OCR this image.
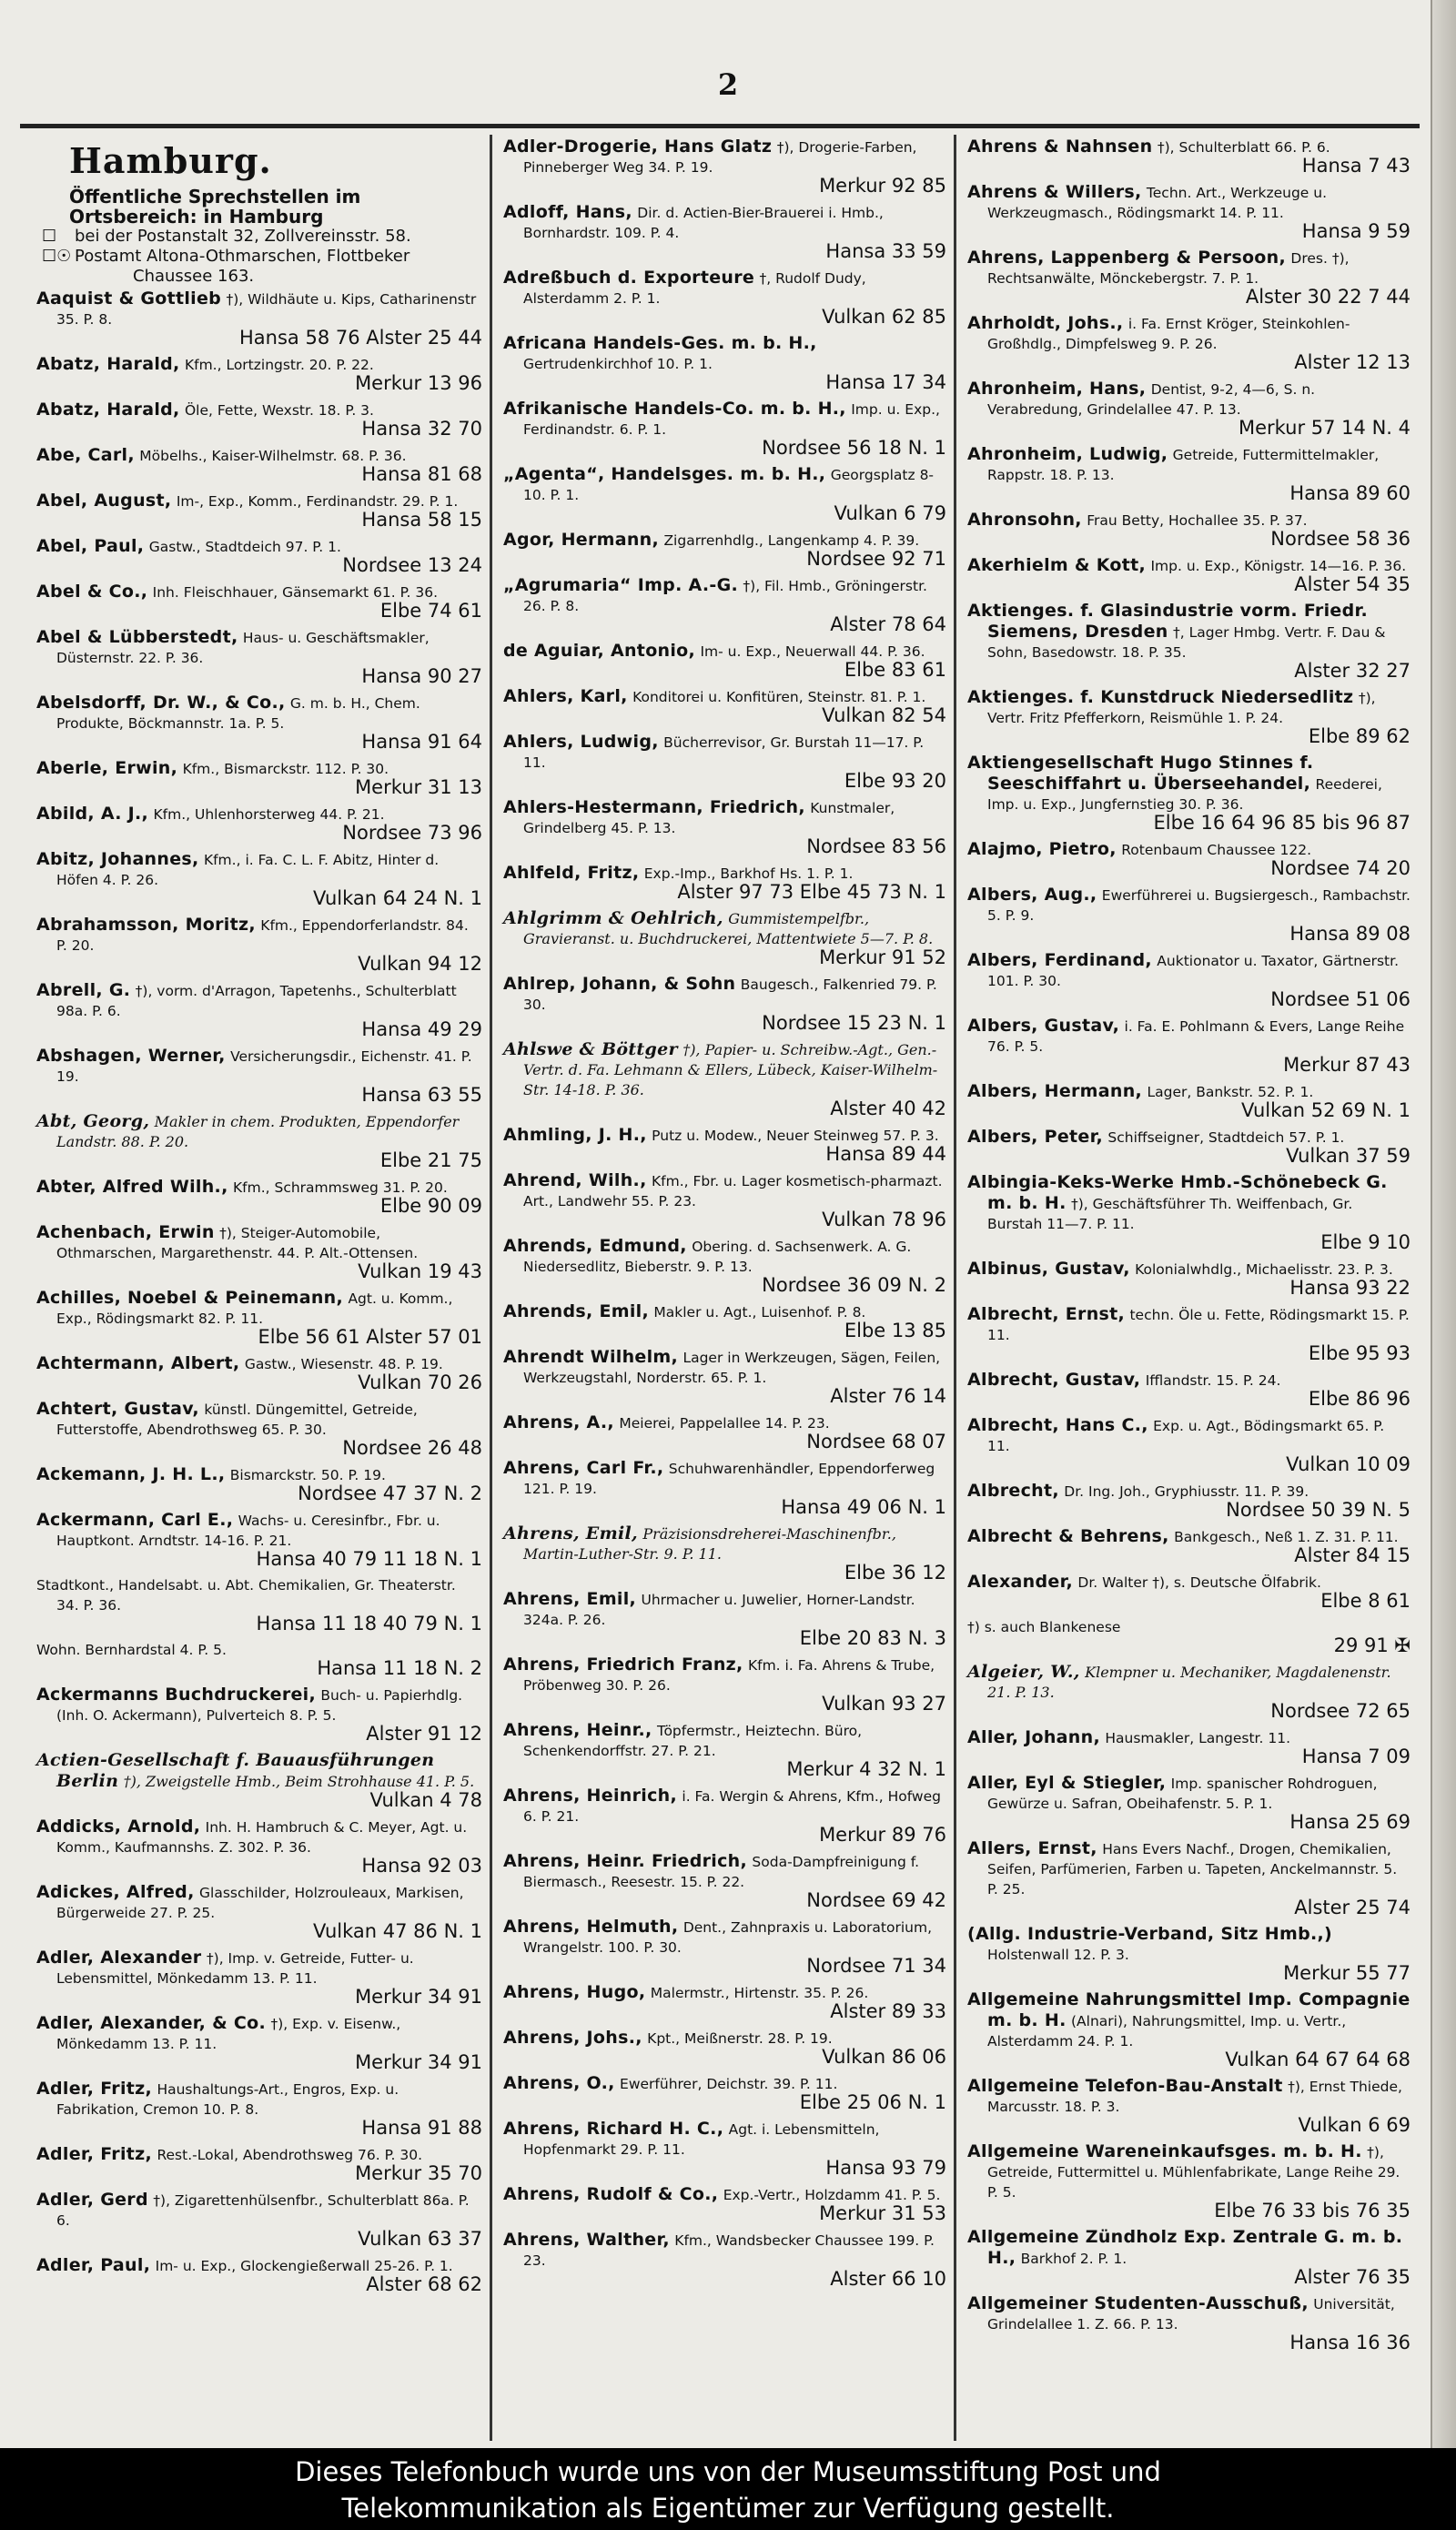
2
Hamburg.
Öffentliche Sprechstellen im Ortsbereich: in Hamburg
☐	bei der Postanstalt 32, Zollvereinsstr. 58.
☐☉ Postamt Altona-Othmarschen, Flottbeker
Chaussee 163.
Aaquist & Gottlieb †), Wildhäute u. Kips, Catharinenstr 35. P. 8.
Hansa 58 76 Alster 25 44
Abatz, Harald, Kfm., Lortzingstr. 20. P. 22.
Merkur 13 96
Abatz, Harald, Öle, Fette, Wexstr. 18. P. 3.
Hansa 32 70
Abe, Carl, Möbelhs., Kaiser-Wilhelmstr. 68. P. 36.
Hansa 81 68
Abel, August, Im-, Exp., Komm., Ferdinandstr. 29. P. 1.
Hansa 58 15
Abel, Paul, Gastw., Stadtdeich 97. P. 1.
Nordsee 13 24
Abel & Co., Inh. Fleischhauer, Gänsemarkt 61. P. 36.
Elbe 74 61
Abel & Lübberstedt, Haus- u. Geschäftsmakler, Düsternstr. 22. P. 36.
Hansa 90 27
Abelsdorff, Dr. W., & Co., G. m. b. H., Chem. Produkte, Böckmannstr. 1a. P. 5.
Hansa 91 64
Aberle, Erwin, Kfm., Bismarckstr. 112. P. 30.
Merkur 31 13
Abild, A. J., Kfm., Uhlenhorsterweg 44. P. 21.
Nordsee 73 96
Abitz, Johannes, Kfm., i. Fa. C. L. F. Abitz, Hinter d. Höfen 4. P. 26.
Vulkan 64 24 N. 1
Abrahamsson, Moritz, Kfm., Eppendorferlandstr. 84. P. 20.
Vulkan 94 12
Abrell, G. †), vorm. d'Arragon, Tapetenhs., Schulterblatt 98a. P. 6.
Hansa 49 29
Abshagen, Werner, Versicherungsdir., Eichenstr. 41. P. 19.
Hansa 63 55
Abt, Georg, Makler in chem. Produkten, Eppendorfer Landstr. 88. P. 20.
Elbe 21 75
Abter, Alfred Wilh., Kfm., Schrammsweg 31. P. 20.
Elbe 90 09
Achenbach, Erwin †), Steiger-Automobile, Othmarschen, Margarethenstr. 44. P. Alt.-Ottensen.
Vulkan 19 43
Achilles, Noebel & Peinemann, Agt. u. Komm., Exp., Rödingsmarkt 82. P. 11.
Elbe 56 61 Alster 57 01
Achtermann, Albert, Gastw., Wiesenstr. 48. P. 19.
Vulkan 70 26
Achtert, Gustav, künstl. Düngemittel, Getreide, Futterstoffe, Abendrothsweg 65. P. 30.
Nordsee 26 48
Ackemann, J. H. L., Bismarckstr. 50. P. 19.
Nordsee 47 37 N. 2
Ackermann, Carl E., Wachs- u. Ceresinfbr., Fbr. u. Hauptkont. Arndtstr. 14-16. P. 21.
Hansa 40 79 11 18 N. 1
Stadtkont., Handelsabt. u. Abt. Chemikalien, Gr. Theaterstr. 34. P. 36.
Hansa 11 18 40 79 N. 1
Wohn. Bernhardstal 4. P. 5.
Hansa 11 18 N. 2
Ackermanns Buchdruckerei, Buch- u. Papierhdlg. (Inh. O. Ackermann), Pulverteich 8. P. 5.
Alster 91 12
Actien-Gesellschaft f. Bauausführungen Berlin †), Zweigstelle Hmb., Beim Strohhause 41. P. 5.
Vulkan 4 78
Addicks, Arnold, Inh. H. Hambruch & C. Meyer, Agt. u. Komm., Kaufmannshs. Z. 302. P. 36.
Hansa 92 03
Adickes, Alfred, Glasschilder, Holzrouleaux, Markisen, Bürgerweide 27. P. 25.
Vulkan 47 86 N. 1
Adler, Alexander †), Imp. v. Getreide, Futter- u. Lebensmittel, Mönkedamm 13. P. 11.
Merkur 34 91
Adler, Alexander, & Co. †), Exp. v. Eisenw., Mönkedamm 13. P. 11.
Merkur 34 91
Adler, Fritz, Haushaltungs-Art., Engros, Exp. u. Fabrikation, Cremon 10. P. 8.
Hansa 91 88
Adler, Fritz, Rest.-Lokal, Abendrothsweg 76. P. 30.
Merkur 35 70
Adler, Gerd †), Zigarettenhülsenfbr., Schulterblatt 86a. P. 6.
Vulkan 63 37
Adler, Paul, Im- u. Exp., Glockengießerwall 25-26. P. 1.
Alster 68 62
Adler-Drogerie, Hans Glatz †), Drogerie-Farben, Pinneberger Weg 34. P. 19.
Merkur 92 85
Adloff, Hans, Dir. d. Actien-Bier-Brauerei i. Hmb., Bornhardstr. 109. P. 4.
Hansa 33 59
Adreßbuch d. Exporteure †, Rudolf Dudy, Alsterdamm 2. P. 1.
Vulkan 62 85
Africana Handels-Ges. m. b. H., Gertrudenkirchhof 10. P. 1.
Hansa 17 34
Afrikanische Handels-Co. m. b. H., Imp. u. Exp., Ferdinandstr. 6. P. 1.
Nordsee 56 18 N. 1
„Agenta“, Handelsges. m. b. H., Georgsplatz 8-10. P. 1.
Vulkan 6 79
Agor, Hermann, Zigarrenhdlg., Langenkamp 4. P. 39.
Nordsee 92 71
„Agrumaria“ Imp. A.-G. †), Fil. Hmb., Gröningerstr. 26. P. 8.
Alster 78 64
de Aguiar, Antonio, Im- u. Exp., Neuerwall 44. P. 36.
Elbe 83 61
Ahlers, Karl, Konditorei u. Konfitüren, Steinstr. 81. P. 1.
Vulkan 82 54
Ahlers, Ludwig, Bücherrevisor, Gr. Burstah 11—17. P. 11.
Elbe 93 20
Ahlers-Hestermann, Friedrich, Kunstmaler, Grindelberg 45. P. 13.
Nordsee 83 56
Ahlfeld, Fritz, Exp.-Imp., Barkhof Hs. 1. P. 1.
Alster 97 73 Elbe 45 73 N. 1
Ahlgrimm & Oehlrich, Gummistempelfbr., Gravieranst. u. Buchdruckerei, Mattentwiete 5—7. P. 8.
Merkur 91 52
Ahlrep, Johann, & Sohn Baugesch., Falkenried 79. P. 30.
Nordsee 15 23 N. 1
Ahlswe & Böttger †), Papier- u. Schreibw.-Agt., Gen.-Vertr. d. Fa. Lehmann & Ellers, Lübeck, Kaiser-Wilhelm-Str. 14-18. P. 36.
Alster 40 42
Ahmling, J. H., Putz u. Modew., Neuer Steinweg 57. P. 3.
Hansa 89 44
Ahrend, Wilh., Kfm., Fbr. u. Lager kosmetisch-pharmazt. Art., Landwehr 55. P. 23.
Vulkan 78 96
Ahrends, Edmund, Obering. d. Sachsenwerk. A. G. Niedersedlitz, Bieberstr. 9. P. 13.
Nordsee 36 09 N. 2
Ahrends, Emil, Makler u. Agt., Luisenhof. P. 8.
Elbe 13 85
Ahrendt Wilhelm, Lager in Werkzeugen, Sägen, Feilen, Werkzeugstahl, Norderstr. 65. P. 1.
Alster 76 14
Ahrens, A., Meierei, Pappelallee 14. P. 23.
Nordsee 68 07
Ahrens, Carl Fr., Schuhwarenhändler, Eppendorferweg 121. P. 19.
Hansa 49 06 N. 1
Ahrens, Emil, Präzisionsdreherei-Maschinenfbr., Martin-Luther-Str. 9. P. 11.
Elbe 36 12
Ahrens, Emil, Uhrmacher u. Juwelier, Horner-Landstr. 324a. P. 26.
Elbe 20 83 N. 3
Ahrens, Friedrich Franz, Kfm. i. Fa. Ahrens & Trube, Pröbenweg 30. P. 26.
Vulkan 93 27
Ahrens, Heinr., Töpfermstr., Heiztechn. Büro, Schenkendorffstr. 27. P. 21.
Merkur 4 32 N. 1
Ahrens, Heinrich, i. Fa. Wergin & Ahrens, Kfm., Hofweg 6. P. 21.
Merkur 89 76
Ahrens, Heinr. Friedrich, Soda-Dampfreinigung f. Biermasch., Reesestr. 15. P. 22.
Nordsee 69 42
Ahrens, Helmuth, Dent., Zahnpraxis u. Laboratorium, Wrangelstr. 100. P. 30.
Nordsee 71 34
Ahrens, Hugo, Malermstr., Hirtenstr. 35. P. 26.
Alster 89 33
Ahrens, Johs., Kpt., Meißnerstr. 28. P. 19.
Vulkan 86 06
Ahrens, O., Ewerführer, Deichstr. 39. P. 11.
Elbe 25 06 N. 1
Ahrens, Richard H. C., Agt. i. Lebensmitteln, Hopfenmarkt 29. P. 11.
Hansa 93 79
Ahrens, Rudolf & Co., Exp.-Vertr., Holzdamm 41. P. 5.
Merkur 31 53
Ahrens, Walther, Kfm., Wandsbecker Chaussee 199. P. 23.
Alster 66 10
Ahrens & Nahnsen †), Schulterblatt 66. P. 6.
Hansa 7 43
Ahrens & Willers, Techn. Art., Werkzeuge u. Werkzeugmasch., Rödingsmarkt 14. P. 11.
Hansa 9 59
Ahrens, Lappenberg & Persoon, Dres. †), Rechtsanwälte, Mönckebergstr. 7. P. 1.
Alster 30 22 7 44
Ahrholdt, Johs., i. Fa. Ernst Kröger, Steinkohlen-Großhdlg., Dimpfelsweg 9. P. 26.
Alster 12 13
Ahronheim, Hans, Dentist, 9-2, 4—6, S. n. Verabredung, Grindelallee 47. P. 13.
Merkur 57 14 N. 4
Ahronheim, Ludwig, Getreide, Futtermittelmakler, Rappstr. 18. P. 13.
Hansa 89 60
Ahronsohn, Frau Betty, Hochallee 35. P. 37.
Nordsee 58 36
Akerhielm & Kott, Imp. u. Exp., Königstr. 14—16. P. 36.
Alster 54 35
Aktienges. f. Glasindustrie vorm. Friedr. Siemens, Dresden †, Lager Hmbg. Vertr. F. Dau & Sohn, Basedowstr. 18. P. 35.
Alster 32 27
Aktienges. f. Kunstdruck Niedersedlitz †), Vertr. Fritz Pfefferkorn, Reismühle 1. P. 24.
Elbe 89 62
Aktiengesellschaft Hugo Stinnes f. Seeschiffahrt u. Überseehandel, Reederei, Imp. u. Exp., Jungfernstieg 30. P. 36.
Elbe 16 64 96 85 bis 96 87
Alajmo, Pietro, Rotenbaum Chaussee 122.
Nordsee 74 20
Albers, Aug., Ewerführerei u. Bugsiergesch., Rambachstr. 5. P. 9.
Hansa 89 08
Albers, Ferdinand, Auktionator u. Taxator, Gärtnerstr. 101. P. 30.
Nordsee 51 06
Albers, Gustav, i. Fa. E. Pohlmann & Evers, Lange Reihe 76. P. 5.
Merkur 87 43
Albers, Hermann, Lager, Bankstr. 52. P. 1.
Vulkan 52 69 N. 1
Albers, Peter, Schiffseigner, Stadtdeich 57. P. 1.
Vulkan 37 59
Albingia-Keks-Werke Hmb.-Schönebeck G. m. b. H. †), Geschäftsführer Th. Weiffenbach, Gr. Burstah 11—7. P. 11.
Elbe 9 10
Albinus, Gustav, Kolonialwhdlg., Michaelisstr. 23. P. 3.
Hansa 93 22
Albrecht, Ernst, techn. Öle u. Fette, Rödingsmarkt 15. P. 11.
Elbe 95 93
Albrecht, Gustav, Ifflandstr. 15. P. 24.
Elbe 86 96
Albrecht, Hans C., Exp. u. Agt., Bödingsmarkt 65. P. 11.
Vulkan 10 09
Albrecht, Dr. Ing. Joh., Gryphiusstr. 11. P. 39.
Nordsee 50 39 N. 5
Albrecht & Behrens, Bankgesch., Neß 1. Z. 31. P. 11.
Alster 84 15
Alexander, Dr. Walter †), s. Deutsche Ölfabrik.
Elbe 8 61
†) s. auch Blankenese
29 91 ✠
Algeier, W., Klempner u. Mechaniker, Magdalenenstr. 21. P. 13.
Nordsee 72 65
Aller, Johann, Hausmakler, Langestr. 11.
Hansa 7 09
Aller, Eyl & Stiegler, Imp. spanischer Rohdroguen, Gewürze u. Safran, Obeihafenstr. 5. P. 1.
Hansa 25 69
Allers, Ernst, Hans Evers Nachf., Drogen, Chemikalien, Seifen, Parfümerien, Farben u. Tapeten, Anckelmannstr. 5. P. 25.
Alster 25 74
(Allg. Industrie-Verband, Sitz Hmb.,) Holstenwall 12. P. 3.
Merkur 55 77
Allgemeine Nahrungsmittel Imp. Compagnie m. b. H. (Alnari), Nahrungsmittel, Imp. u. Vertr., Alsterdamm 24. P. 1.
Vulkan 64 67 64 68
Allgemeine Telefon-Bau-Anstalt †), Ernst Thiede, Marcusstr. 18. P. 3.
Vulkan 6 69
Allgemeine Wareneinkaufsges. m. b. H. †), Getreide, Futtermittel u. Mühlenfabrikate, Lange Reihe 29. P. 5.
Elbe 76 33 bis 76 35
Allgemeine Zündholz Exp. Zentrale G. m. b. H., Barkhof 2. P. 1.
Alster 76 35
Allgemeiner Studenten-Ausschuß, Universität, Grindelallee 1. Z. 66. P. 13.
Hansa 16 36
Dieses Telefonbuch wurde uns von der Museumsstiftung Post und
Telekommunikation als Eigentümer zur Verfügung gestellt.
